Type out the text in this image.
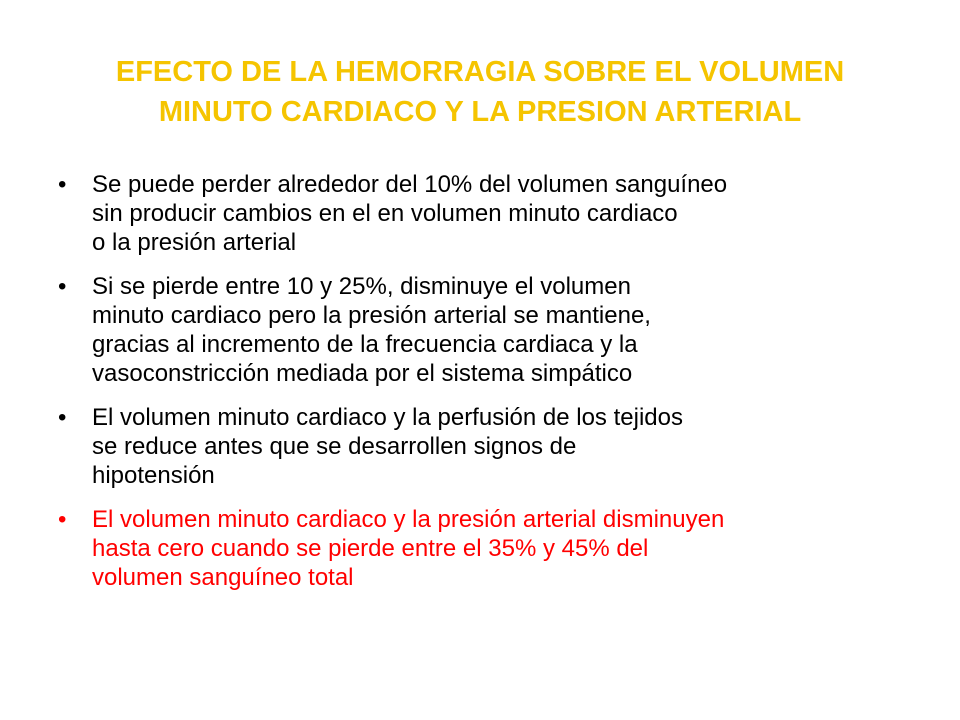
EFECTO DE LA HEMORRAGIA SOBRE EL VOLUMEN
MINUTO CARDIACO Y LA PRESION ARTERIAL
•	Se puede perder alrededor del 10% del volumen sanguíneo
sin producir cambios en el en volumen minuto cardiaco
o la presión arterial
•	Si se pierde entre 10 y 25%, disminuye el volumen
minuto cardiaco pero la presión arterial se mantiene,
gracias al incremento de la frecuencia cardiaca y la
vasoconstricción mediada por el sistema simpático
•	El volumen minuto cardiaco y la perfusión de los tejidos
se reduce antes que se desarrollen signos de
hipotensión
•	El volumen minuto cardiaco y la presión arterial disminuyen
hasta cero cuando se pierde entre el 35% y 45% del
volumen sanguíneo total
